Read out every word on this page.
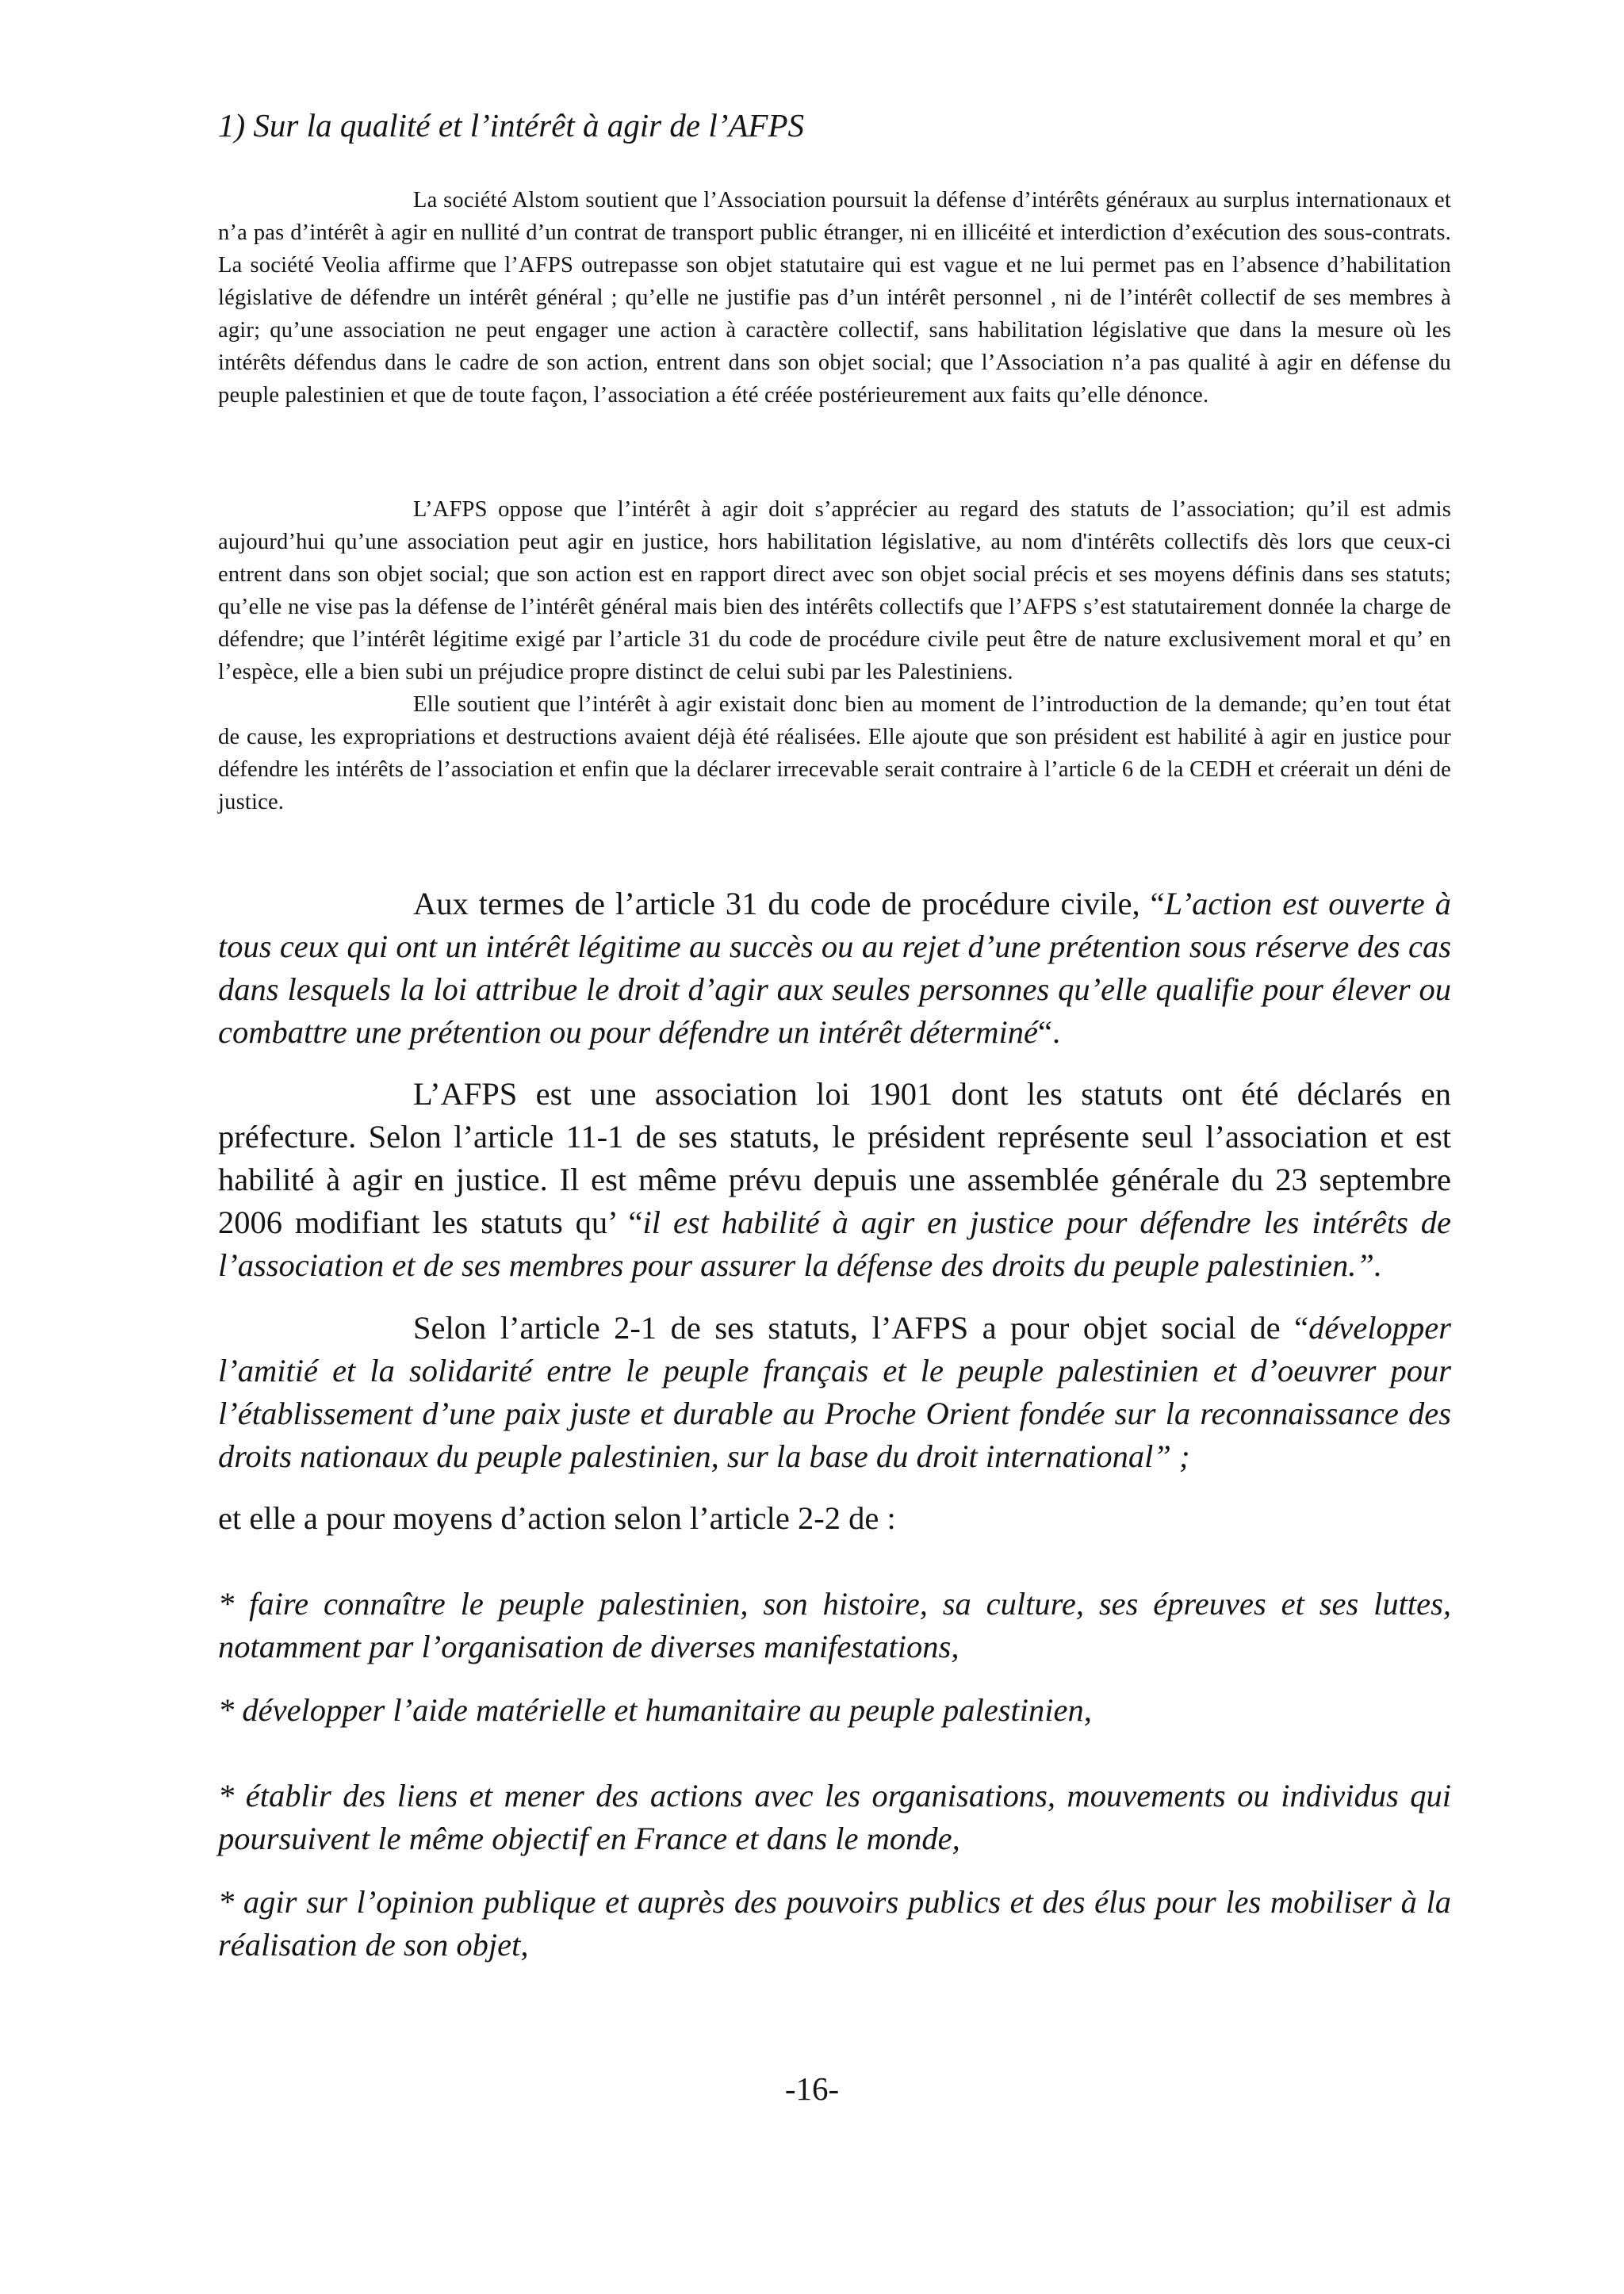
1) Sur la qualité et l’intérêt à agir de l’AFPS

La société Alstom soutient que l’Association poursuit la défense d’intérêts généraux au surplus internationaux et n’a pas d’intérêt à agir en nullité d’un contrat de transport public étranger, ni en illicéité et interdiction d’exécution des sous-contrats. La société Veolia affirme que l’AFPS outrepasse son objet statutaire qui est vague et ne lui permet pas en l’absence d’habilitation législative de défendre un intérêt général ; qu’elle ne justifie pas d’un intérêt personnel , ni de l’intérêt collectif de ses membres à agir; qu’une association ne peut engager une action à caractère collectif, sans habilitation législative que dans la mesure où les intérêts défendus dans le cadre de son action, entrent dans son objet social; que l’Association n’a pas qualité à agir en défense du peuple palestinien et que de toute façon, l’association a été créée postérieurement aux faits qu’elle dénonce.

L’AFPS oppose que l’intérêt à agir doit s’apprécier au regard des statuts de l’association; qu’il est admis aujourd’hui qu’une association peut agir en justice, hors habilitation législative, au nom d'intérêts collectifs dès lors que ceux-ci entrent dans son objet social; que son action est en rapport direct avec son objet social précis et ses moyens définis dans ses statuts; qu’elle ne vise pas la défense de l’intérêt général mais bien des intérêts collectifs que l’AFPS s’est statutairement donnée la charge de défendre; que l’intérêt légitime exigé par l’article 31 du code de procédure civile peut être de nature exclusivement moral et qu’ en l’espèce, elle a bien subi un préjudice propre distinct de celui subi par les Palestiniens.

Elle soutient que l’intérêt à agir existait donc bien au moment de l’introduction de la demande; qu’en tout état de cause, les expropriations et destructions avaient déjà été réalisées. Elle ajoute que son président est habilité à agir en justice pour défendre les intérêts de l’association et enfin que la déclarer irrecevable serait contraire à l’article 6 de la CEDH et créerait un déni de justice.

Aux termes de l’article 31 du code de procédure civile, “L’action est ouverte à tous ceux qui ont un intérêt légitime au succès ou au rejet d’une prétention sous réserve des cas dans lesquels la loi attribue le droit d’agir aux seules personnes qu’elle qualifie pour élever ou combattre une prétention ou pour défendre un intérêt déterminé“.

L’AFPS est une association loi 1901 dont les statuts ont été déclarés en préfecture. Selon l’article 11-1 de ses statuts, le président représente seul l’association et est habilité à agir en justice. Il est même prévu depuis une assemblée générale du 23 septembre 2006 modifiant les statuts qu’ “il est habilité à agir en justice pour défendre les intérêts de l’association et de ses membres pour assurer la défense des droits du peuple palestinien.”.

Selon l’article 2-1 de ses statuts, l’AFPS a pour objet social de “développer l’amitié et la solidarité entre le peuple français et le peuple palestinien et d’oeuvrer pour l’établissement d’une paix juste et durable au Proche Orient fondée sur la reconnaissance des droits nationaux du peuple palestinien, sur la base du droit international” ;

et elle a pour moyens d’action selon l’article 2-2 de :

* faire connaître le peuple palestinien, son histoire, sa culture, ses épreuves et ses luttes, notamment par l’organisation de diverses manifestations,

* développer l’aide matérielle et humanitaire au peuple palestinien,

* établir des liens et mener des actions avec les organisations, mouvements ou individus qui poursuivent le même objectif en France et dans le monde,

* agir sur l’opinion publique et auprès des pouvoirs publics et des élus pour les mobiliser à la réalisation de son objet,

-16-
